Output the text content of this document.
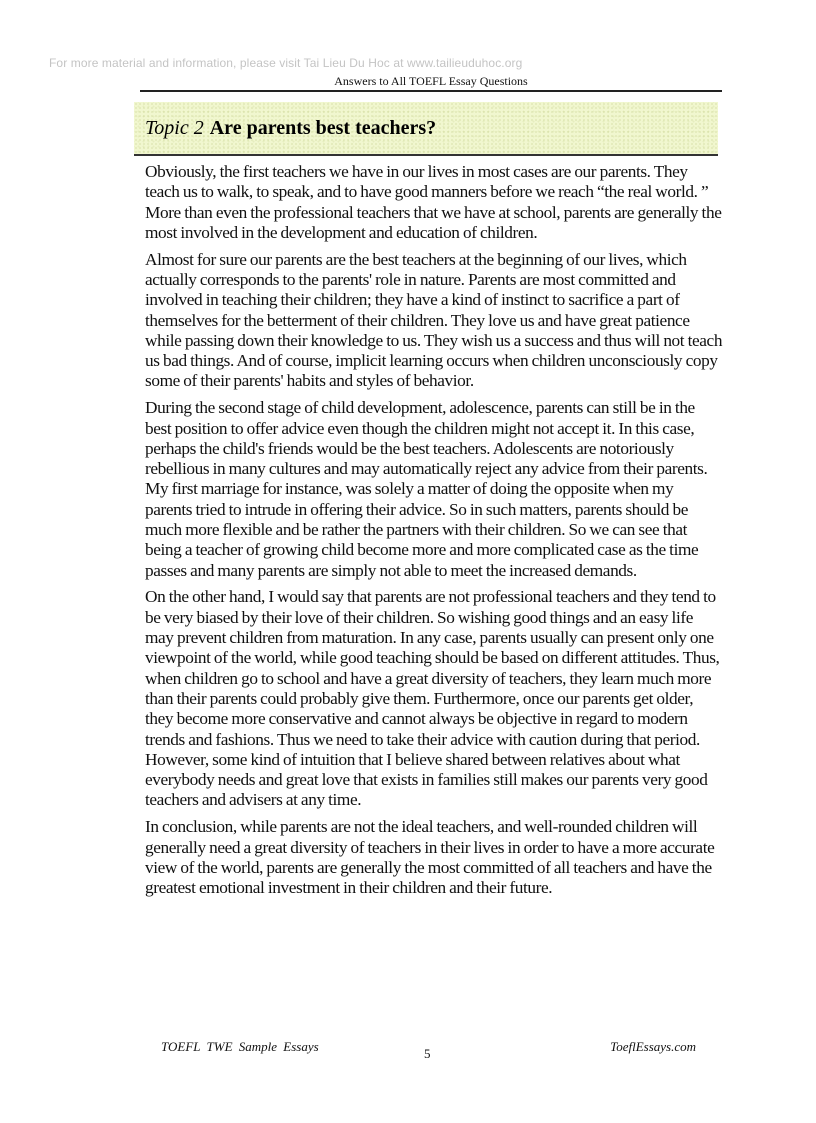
For more material and information, please visit Tai Lieu Du Hoc at www.tailieuduhoc.org
Answers to All TOEFL Essay Questions
Topic 2 Are parents best teachers?

Obviously, the first teachers we have in our lives in most cases are our parents. They teach us to walk, to speak, and to have good manners before we reach “the real world. ” More than even the professional teachers that we have at school, parents are generally the most involved in the development and education of children.

Almost for sure our parents are the best teachers at the beginning of our lives, which actually corresponds to the parents' role in nature. Parents are most committed and involved in teaching their children; they have a kind of instinct to sacrifice a part of themselves for the betterment of their children. They love us and have great patience while passing down their knowledge to us. They wish us a success and thus will not teach us bad things. And of course, implicit learning occurs when children unconsciously copy some of their parents' habits and styles of behavior.

During the second stage of child development, adolescence, parents can still be in the best position to offer advice even though the children might not accept it. In this case, perhaps the child's friends would be the best teachers. Adolescents are notoriously rebellious in many cultures and may automatically reject any advice from their parents. My first marriage for instance, was solely a matter of doing the opposite when my parents tried to intrude in offering their advice. So in such matters, parents should be much more flexible and be rather the partners with their children. So we can see that being a teacher of growing child become more and more complicated case as the time passes and many parents are simply not able to meet the increased demands.

On the other hand, I would say that parents are not professional teachers and they tend to be very biased by their love of their children. So wishing good things and an easy life may prevent children from maturation. In any case, parents usually can present only one viewpoint of the world, while good teaching should be based on different attitudes. Thus, when children go to school and have a great diversity of teachers, they learn much more than their parents could probably give them. Furthermore, once our parents get older, they become more conservative and cannot always be objective in regard to modern trends and fashions. Thus we need to take their advice with caution during that period. However, some kind of intuition that I believe shared between relatives about what everybody needs and great love that exists in families still makes our parents very good teachers and advisers at any time.

In conclusion, while parents are not the ideal teachers, and well-rounded children will generally need a great diversity of teachers in their lives in order to have a more accurate view of the world, parents are generally the most committed of all teachers and have the greatest emotional investment in their children and their future.

TOEFL TWE Sample Essays	5	ToeflEssays.com
